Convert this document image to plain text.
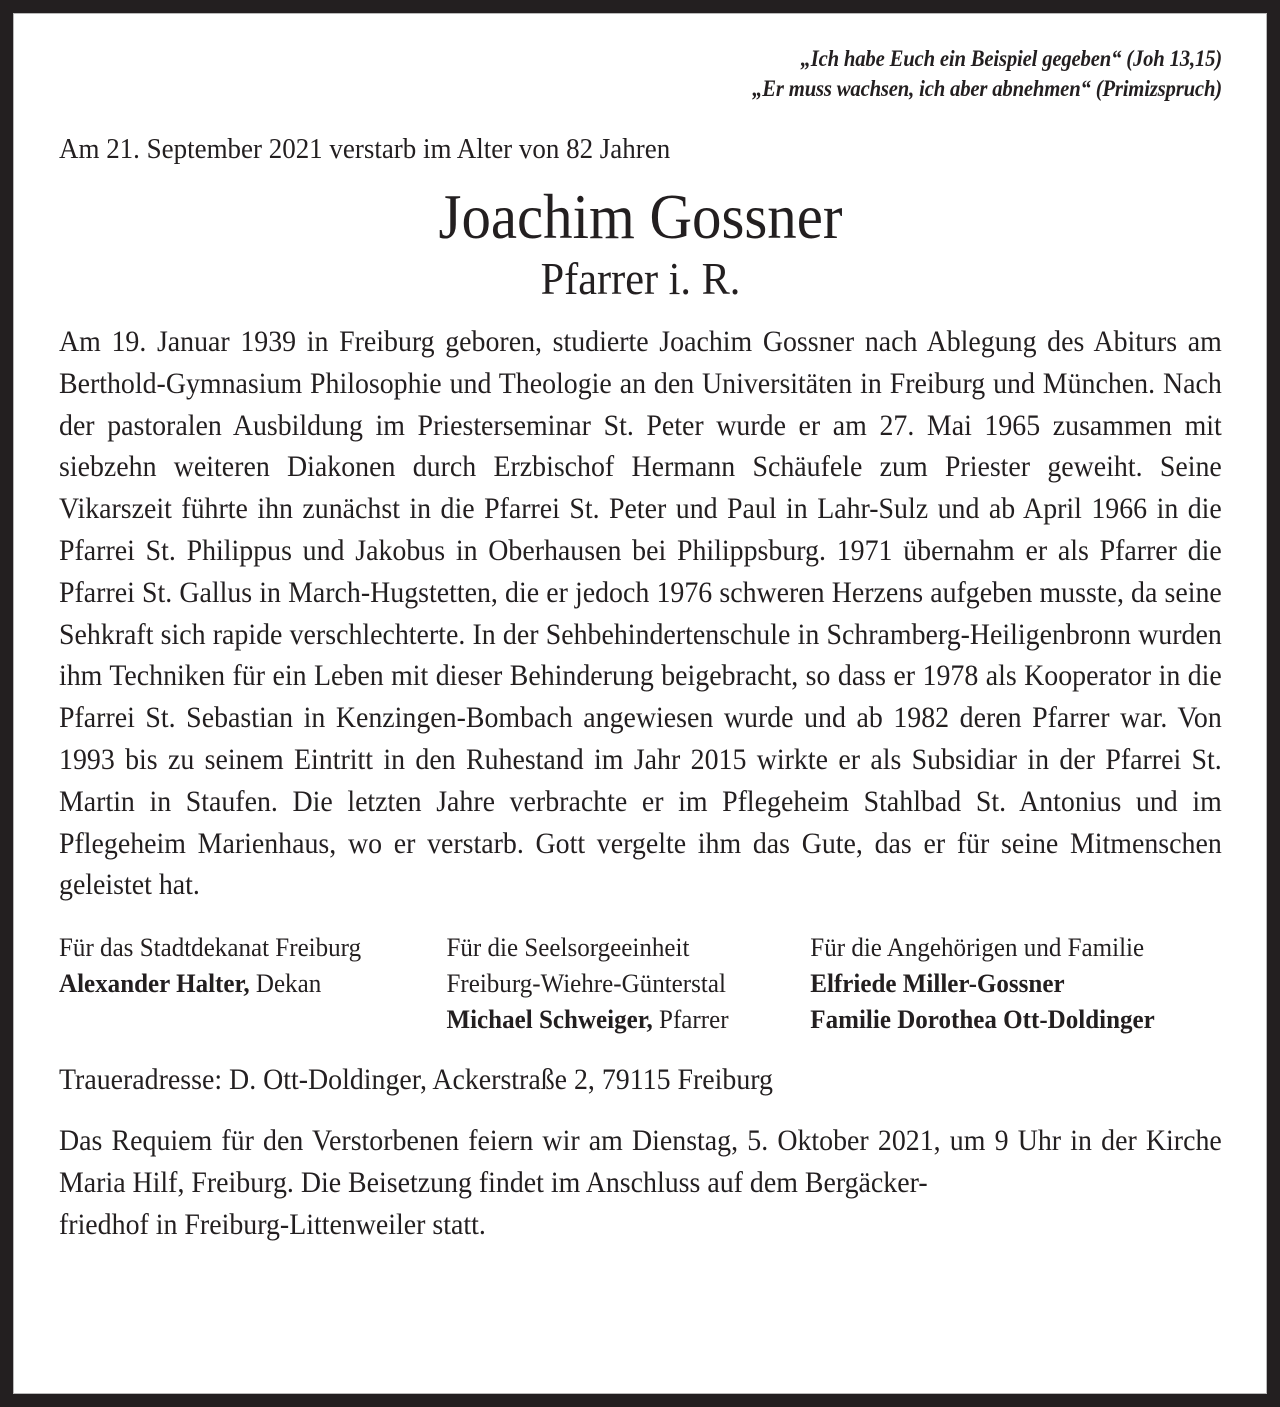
„Ich habe Euch ein Beispiel gegeben“ (Joh 13,15)
„Er muss wachsen, ich aber abnehmen“ (Primizspruch)
Am 21. September 2021 verstarb im Alter von 82 Jahren
Joachim Gossner
Pfarrer i. R.
Am 19. Januar 1939 in Freiburg geboren, studierte Joachim Gossner nach Ablegung des Abiturs am Berthold-Gymnasium Philosophie und Theologie an den Universitäten in Freiburg und München. Nach der pastoralen Ausbildung im Priesterseminar St. Peter wurde er am 27. Mai 1965 zusammen mit siebzehn weiteren Diakonen durch Erzbischof Hermann Schäufele zum Priester geweiht. Seine Vikarszeit führte ihn zunächst in die Pfarrei St. Peter und Paul in Lahr-Sulz und ab April 1966 in die Pfarrei St. Philippus und Jakobus in Oberhausen bei Philippsburg. 1971 übernahm er als Pfarrer die Pfarrei St. Gallus in March-Hugstetten, die er jedoch 1976 schweren Herzens aufgeben musste, da seine Sehkraft sich rapide verschlechterte. In der Sehbehindertenschule in Schramberg-Heiligenbronn wurden ihm Techniken für ein Leben mit dieser Behinderung beigebracht, so dass er 1978 als Kooperator in die Pfarrei St. Sebastian in Kenzingen-Bombach angewiesen wurde und ab 1982 deren Pfarrer war. Von 1993 bis zu seinem Eintritt in den Ruhestand im Jahr 2015 wirkte er als Subsidiar in der Pfarrei St. Martin in Staufen. Die letzten Jahre verbrachte er im Pflegeheim Stahlbad St. Antonius und im Pflegeheim Marienhaus, wo er verstarb. Gott vergelte ihm das Gute, das er für seine Mitmenschen geleistet hat.
Für das Stadtdekanat Freiburg
Alexander Halter, Dekan
Für die Seelsorgeeinheit
Freiburg-Wiehre-Günterstal
Michael Schweiger, Pfarrer
Für die Angehörigen und Familie
Elfriede Miller-Gossner
Familie Dorothea Ott-Doldinger
Traueradresse: D. Ott-Doldinger, Ackerstraße 2, 79115 Freiburg
Das Requiem für den Verstorbenen feiern wir am Dienstag, 5. Oktober 2021, um 9 Uhr in der Kirche Maria Hilf, Freiburg. Die Beisetzung findet im Anschluss auf dem Bergäcker-
friedhof in Freiburg-Littenweiler statt.
